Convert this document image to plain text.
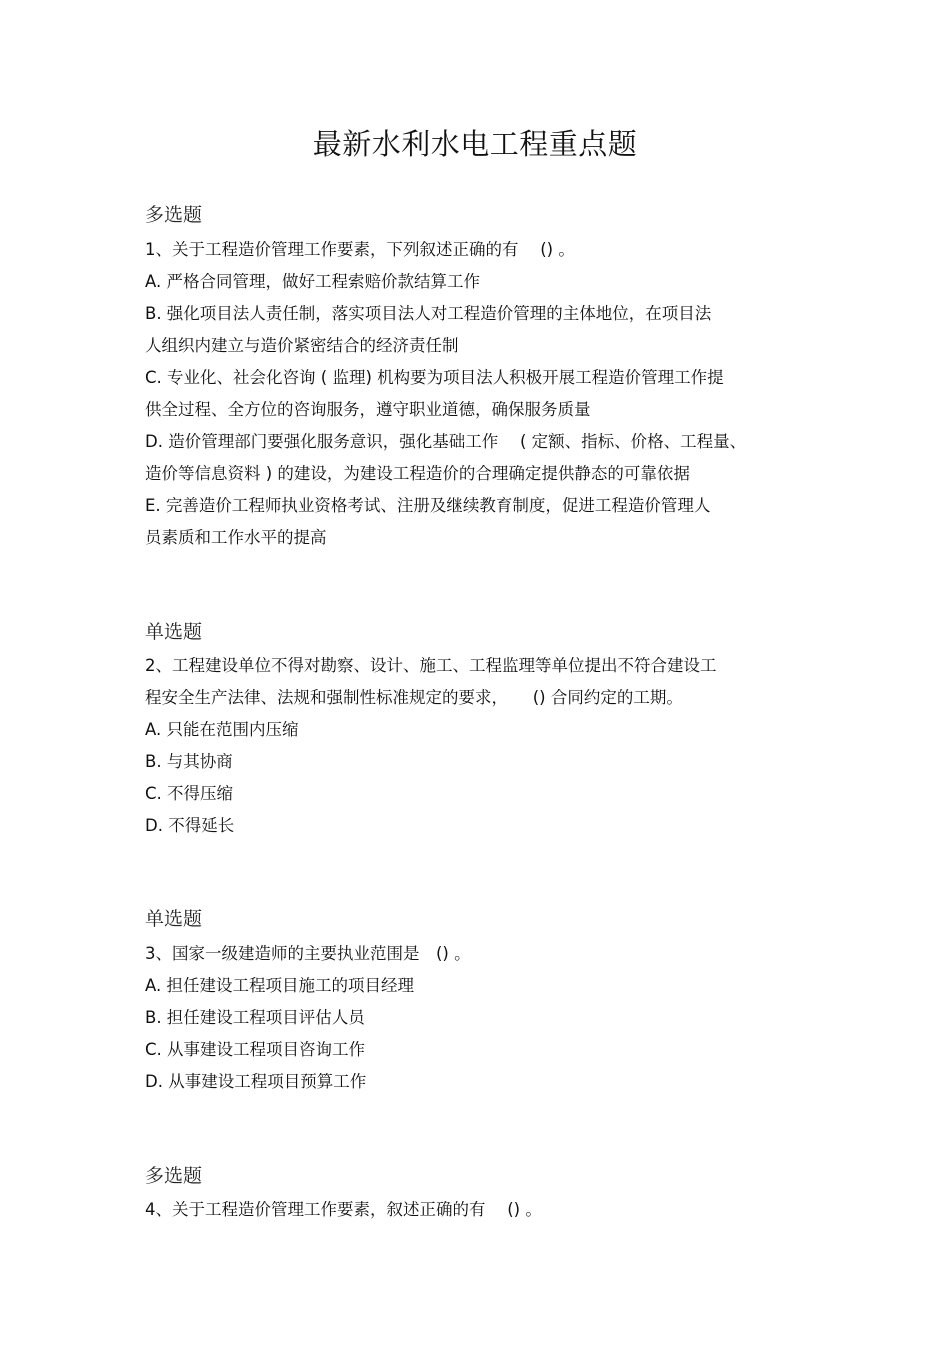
最新水利水电工程重点题
多选题
1、关于工程造价管理工作要素，下列叙述正确的有　 () 。
A. 严格合同管理，做好工程索赔价款结算工作
B. 强化项目法人责任制，落实项目法人对工程造价管理的主体地位，在项目法
人组织内建立与造价紧密结合的经济责任制
C. 专业化、社会化咨询 ( 监理) 机构要为项目法人积极开展工程造价管理工作提
供全过程、全方位的咨询服务，遵守职业道德，确保服务质量
D. 造价管理部门要强化服务意识，强化基础工作　 ( 定额、指标、价格、工程量、
造价等信息资料 ) 的建设，为建设工程造价的合理确定提供静态的可靠依据
E. 完善造价工程师执业资格考试、注册及继续教育制度，促进工程造价管理人
员素质和工作水平的提高
单选题
2、工程建设单位不得对勘察、设计、施工、工程监理等单位提出不符合建设工
程安全生产法律、法规和强制性标准规定的要求，　　() 合同约定的工期。
A. 只能在范围内压缩
B. 与其协商
C. 不得压缩
D. 不得延长
单选题
3、国家一级建造师的主要执业范围是　() 。
A. 担任建设工程项目施工的项目经理
B. 担任建设工程项目评估人员
C. 从事建设工程项目咨询工作
D. 从事建设工程项目预算工作
多选题
4、关于工程造价管理工作要素，叙述正确的有　 () 。
